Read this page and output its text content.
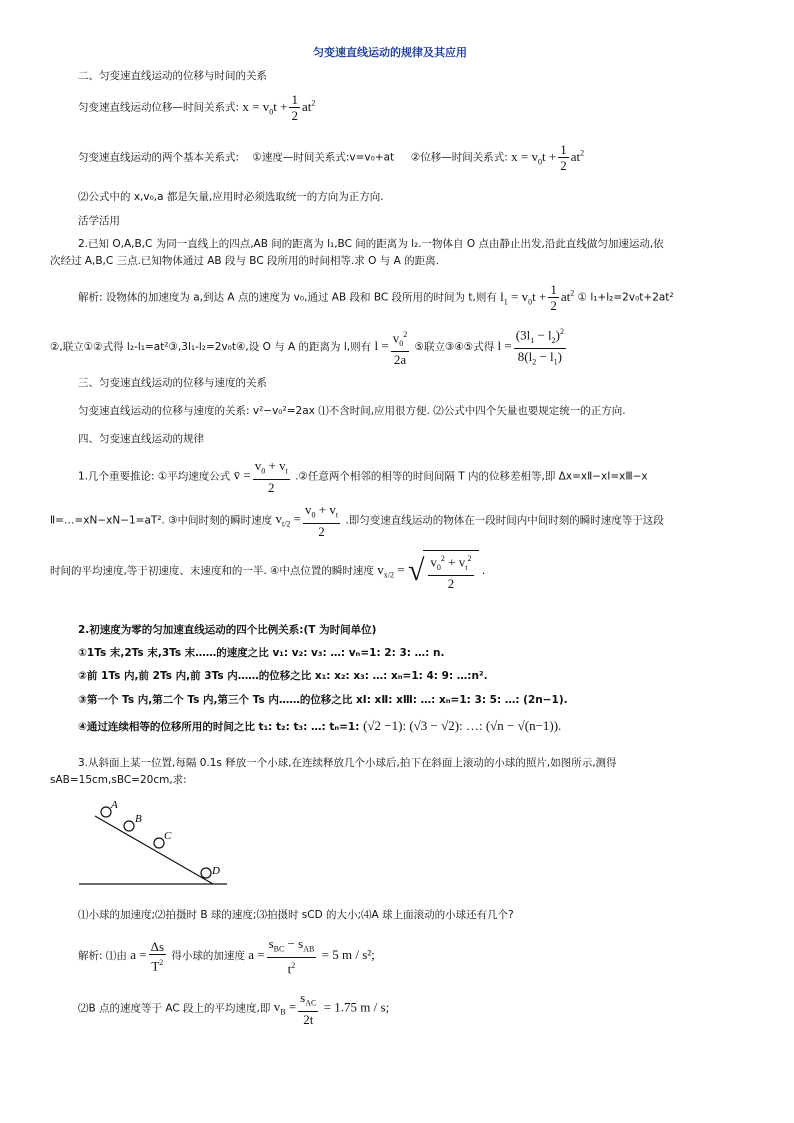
匀变速直线运动的规律及其应用
二、匀变速直线运动的位移与时间的关系
匀变速直线运动位移—时间关系式: $x = v_0t + \frac{1}{2} at^2$
匀变速直线运动的两个基本关系式: ①速度—时间关系式:v=v₀+at ②位移—时间关系式: $x = v_0t + \frac{1}{2} at^2$
⑵公式中的 x,v₀,a 都是矢量,应用时必须选取统一的方向为正方向.
活学活用
2.已知 O,A,B,C 为同一直线上的四点,AB 间的距离为 l₁,BC 间的距离为 l₂.一物体自 O 点由静止出发,沿此直线做匀加速运动,依
次经过 A,B,C 三点.已知物体通过 AB 段与 BC 段所用的时间相等.求 O 与 A 的距离.
解析: 设物体的加速度为 a,到达 A 点的速度为 v₀,通过 AB 段和 BC 段所用的时间为 t,则有 $l_1 = v_0t + \frac{1}{2} at^2$ ① l₁+l₂=2v₀t+2at²
②,联立①②式得 l₂-l₁=at²③,3l₁-l₂=2v₀t④,设 O 与 A 的距离为 l,则有 $l = \frac{v_0^2}{2a}$ ⑤联立③④⑤式得 $l = \frac{(3l_1 - l_2)^2}{8(l_2 - l_1)}$
三、匀变速直线运动的位移与速度的关系
匀变速直线运动的位移与速度的关系: v²−v₀²=2ax ⑴不含时间,应用很方便. ⑵公式中四个矢量也要规定统一的正方向.
四、匀变速直线运动的规律
1.几个重要推论: ①平均速度公式 v̄ = $\frac{v_0 + v_t}{2}$ .②任意两个相邻的相等的时间间隔 T 内的位移差相等,即 Δx=xⅡ−xⅠ=xⅢ−x
Ⅱ=…=xN−xN−1=aT². ③中间时刻的瞬时速度 $v_{t/2} = \frac{v_0 + v_t}{2}$ .即匀变速直线运动的物体在一段时间内中间时刻的瞬时速度等于这段
时间的平均速度,等于初速度、末速度和的一半. ④中点位置的瞬时速度 $v_{x/2}$ = √ $\frac{v_0^2 + v_t^2}{2}$ .
2.初速度为零的匀加速直线运动的四个比例关系:(T 为时间单位)
①1Ts 末,2Ts 末,3Ts 末……的速度之比 v₁: v₂: v₃: …: vₙ=1: 2: 3: …: n.
②前 1Ts 内,前 2Ts 内,前 3Ts 内……的位移之比 x₁: x₂: x₃: …: xₙ=1: 4: 9: …:n².
③第一个 Ts 内,第二个 Ts 内,第三个 Ts 内……的位移之比 xⅠ: xⅡ: xⅢ: …: xₙ=1: 3: 5: …: (2n−1).
④通过连续相等的位移所用的时间之比 t₁: t₂: t₃: …: tₙ=1: (√2 −1): (√3 − √2): …: (√n − √(n−1)).
3.从斜面上某一位置,每隔 0.1s 释放一个小球,在连续释放几个小球后,拍下在斜面上滚动的小球的照片,如图所示,测得
sAB=15cm,sBC=20cm,求:
A
B
C
D
⑴小球的加速度;⑵拍摄时 B 球的速度;⑶拍摄时 sCD 的大小;⑷A 球上面滚动的小球还有几个?
解析: ⑴由 $a = \frac{\Delta s}{T^2}$ 得小球的加速度 $a = \frac{s_{BC} - s_{AB}}{t^2} = 5$ m / s²;
⑵B 点的速度等于 AC 段上的平均速度,即 $v_B = \frac{s_{AC}}{2t} = 1.75$ m / s;
